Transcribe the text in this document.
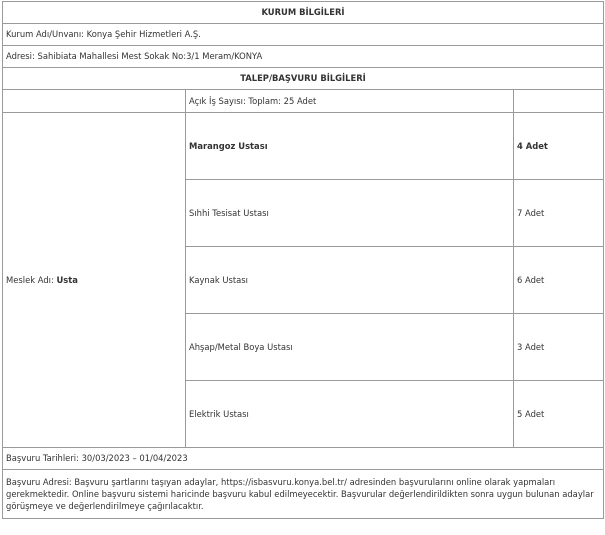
KURUM BİLGİLERİ		
Kurum Adı/Unvanı: Konya Şehir Hizmetleri A.Ş.		
Adresi: Sahibiata Mahallesi Mest Sokak No:3/1 Meram/KONYA		
TALEP/BAŞVURU BİLGİLERİ		
	Açık İş Sayısı: Toplam: 25 Adet	
Meslek Adı: Usta	Marangoz Ustası	4 Adet
	Sıhhi Tesisat Ustası	7 Adet
	Kaynak Ustası	6 Adet
	Ahşap/Metal Boya Ustası	3 Adet
	Elektrik Ustası	5 Adet
Başvuru Tarihleri: 30/03/2023 – 01/04/2023		
Başvuru Adresi: Başvuru şartlarını taşıyan adaylar, https://isbasvuru.konya.bel.tr/ adresinden başvurularını online olarak yapmaları gerekmektedir. Online başvuru sistemi haricinde başvuru kabul edilmeyecektir. Başvurular değerlendirildikten sonra uygun bulunan adaylar görüşmeye ve değerlendirilmeye çağırılacaktır.		
